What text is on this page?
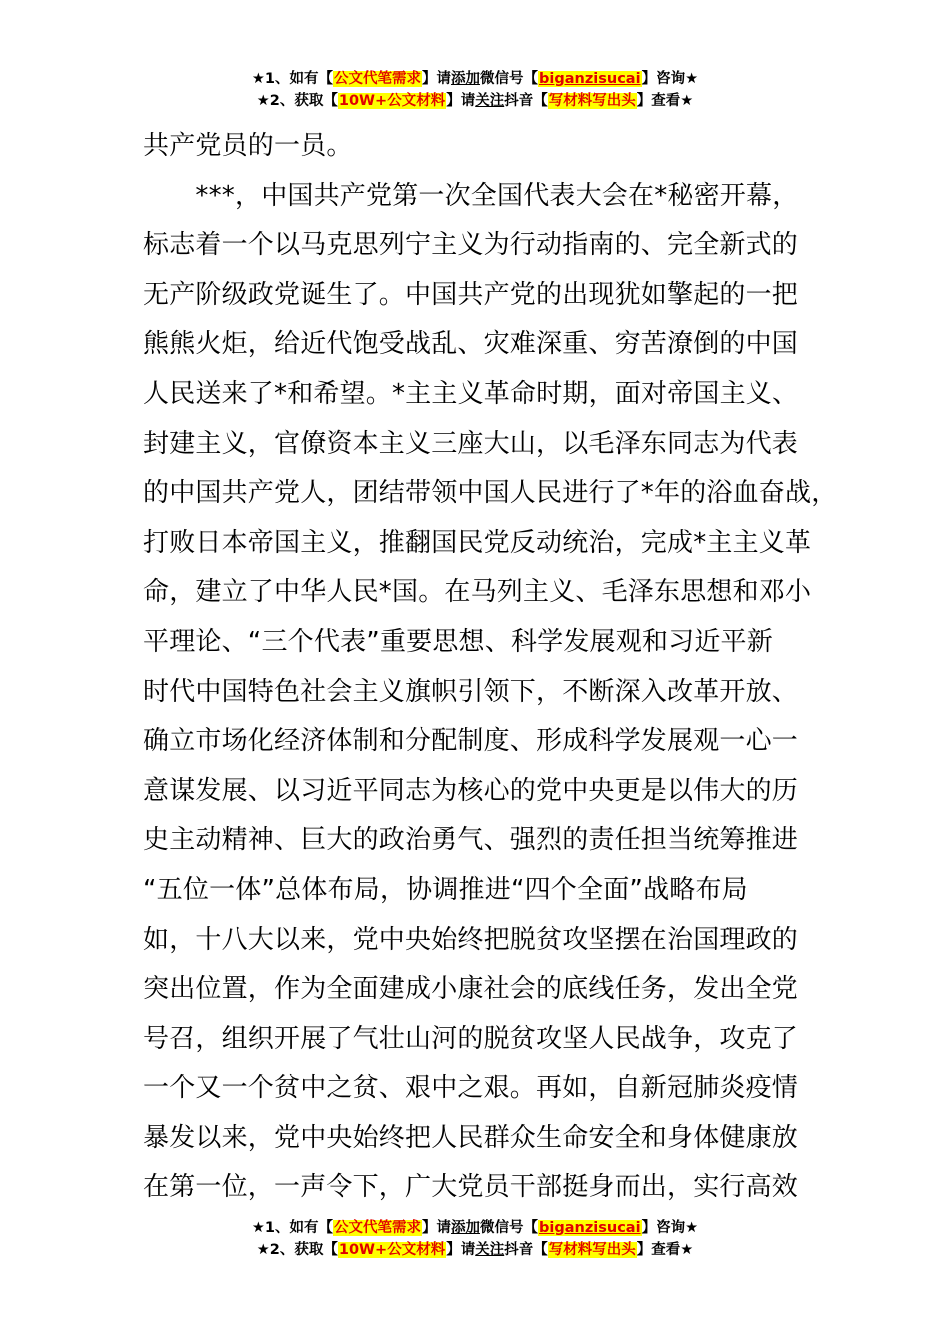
★1、如有【公文代笔需求】请添加微信号【biganzisucai】咨询★
★2、获取【10W+公文材料】请关注抖音【写材料写出头】查看★
共产党员的一员。
　　***，中国共产党第一次全国代表大会在*秘密开幕，
标志着一个以马克思列宁主义为行动指南的、完全新式的
无产阶级政党诞生了。中国共产党的出现犹如擎起的一把
熊熊火炬，给近代饱受战乱、灾难深重、穷苦潦倒的中国
人民送来了*和希望。*主主义革命时期，面对帝国主义、
封建主义，官僚资本主义三座大山，以毛泽东同志为代表
的中国共产党人，团结带领中国人民进行了*年的浴血奋战，
打败日本帝国主义，推翻国民党反动统治，完成*主主义革
命，建立了中华人民*国。在马列主义、毛泽东思想和邓小
平理论、“三个代表”重要思想、科学发展观和习近平新
时代中国特色社会主义旗帜引领下，不断深入改革开放、
确立市场化经济体制和分配制度、形成科学发展观一心一
意谋发展、以习近平同志为核心的党中央更是以伟大的历
史主动精神、巨大的政治勇气、强烈的责任担当统筹推进
“五位一体”总体布局，协调推进“四个全面”战略布局
如，十八大以来，党中央始终把脱贫攻坚摆在治国理政的
突出位置，作为全面建成小康社会的底线任务，发出全党
号召，组织开展了气壮山河的脱贫攻坚人民战争，攻克了
一个又一个贫中之贫、艰中之艰。再如，自新冠肺炎疫情
暴发以来，党中央始终把人民群众生命安全和身体健康放
在第一位，一声令下，广大党员干部挺身而出，实行高效
★1、如有【公文代笔需求】请添加微信号【biganzisucai】咨询★
★2、获取【10W+公文材料】请关注抖音【写材料写出头】查看★
